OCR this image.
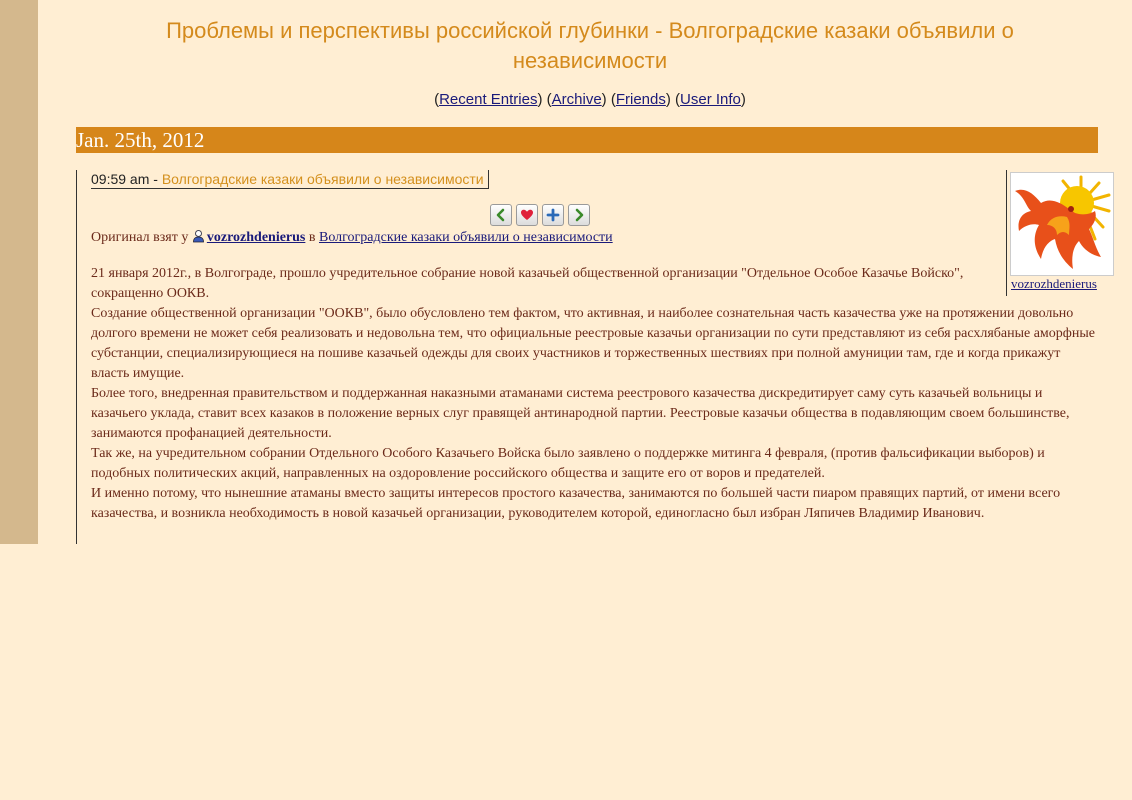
Проблемы и перспективы российской глубинки - Волгоградские казаки объявили о независимости
(Recent Entries) (Archive) (Friends) (User Info)
Jan. 25th, 2012
09:59 am - Волгоградские казаки объявили о независимости
Оригинал взят у vozrozhdenierus в Волгоградские казаки объявили о независимости

21 января 2012г., в Волгограде, прошло учредительное собрание новой казачьей общественной организации "Отдельное Особое Казачье Войско", сокращенно ООКВ.

Создание общественной организации "ООКВ", было обусловлено тем фактом, что активная, и наиболее сознательная часть казачества уже на протяжении довольно долгого времени не может себя реализовать и недовольна тем, что официальные реестровые казачьи организации по сути представляют из себя расхлябаные аморфные субстанции, специализирующиеся на пошиве казачьей одежды для своих участников и торжественных шествиях при полной амуниции там, где и когда прикажут власть имущие.

Более того, внедренная правительством и поддержанная наказными атаманами система реестрового казачества дискредитирует саму суть казачьей вольницы и казачьего уклада, ставит всех казаков в положение верных слуг правящей антинародной партии. Реестровые казачьи общества в подавляющим своем большинстве, занимаются профанацией деятельности.

Так же, на учредительном собрании Отдельного Особого Казачьего Войска было заявлено о поддержке митинга 4 февраля, (против фальсификации выборов) и подобных политических акций, направленных на оздоровление российского общества и защите его от воров и предателей.

И именно потому, что нынешние атаманы вместо защиты интересов простого казачества, занимаются по большей части пиаром правящих партий, от имени всего казачества, и возникла необходимость в новой казачьей организации, руководителем которой, единогласно был избран Ляпичев Владимир Иванович.

vozrozhdenierus
